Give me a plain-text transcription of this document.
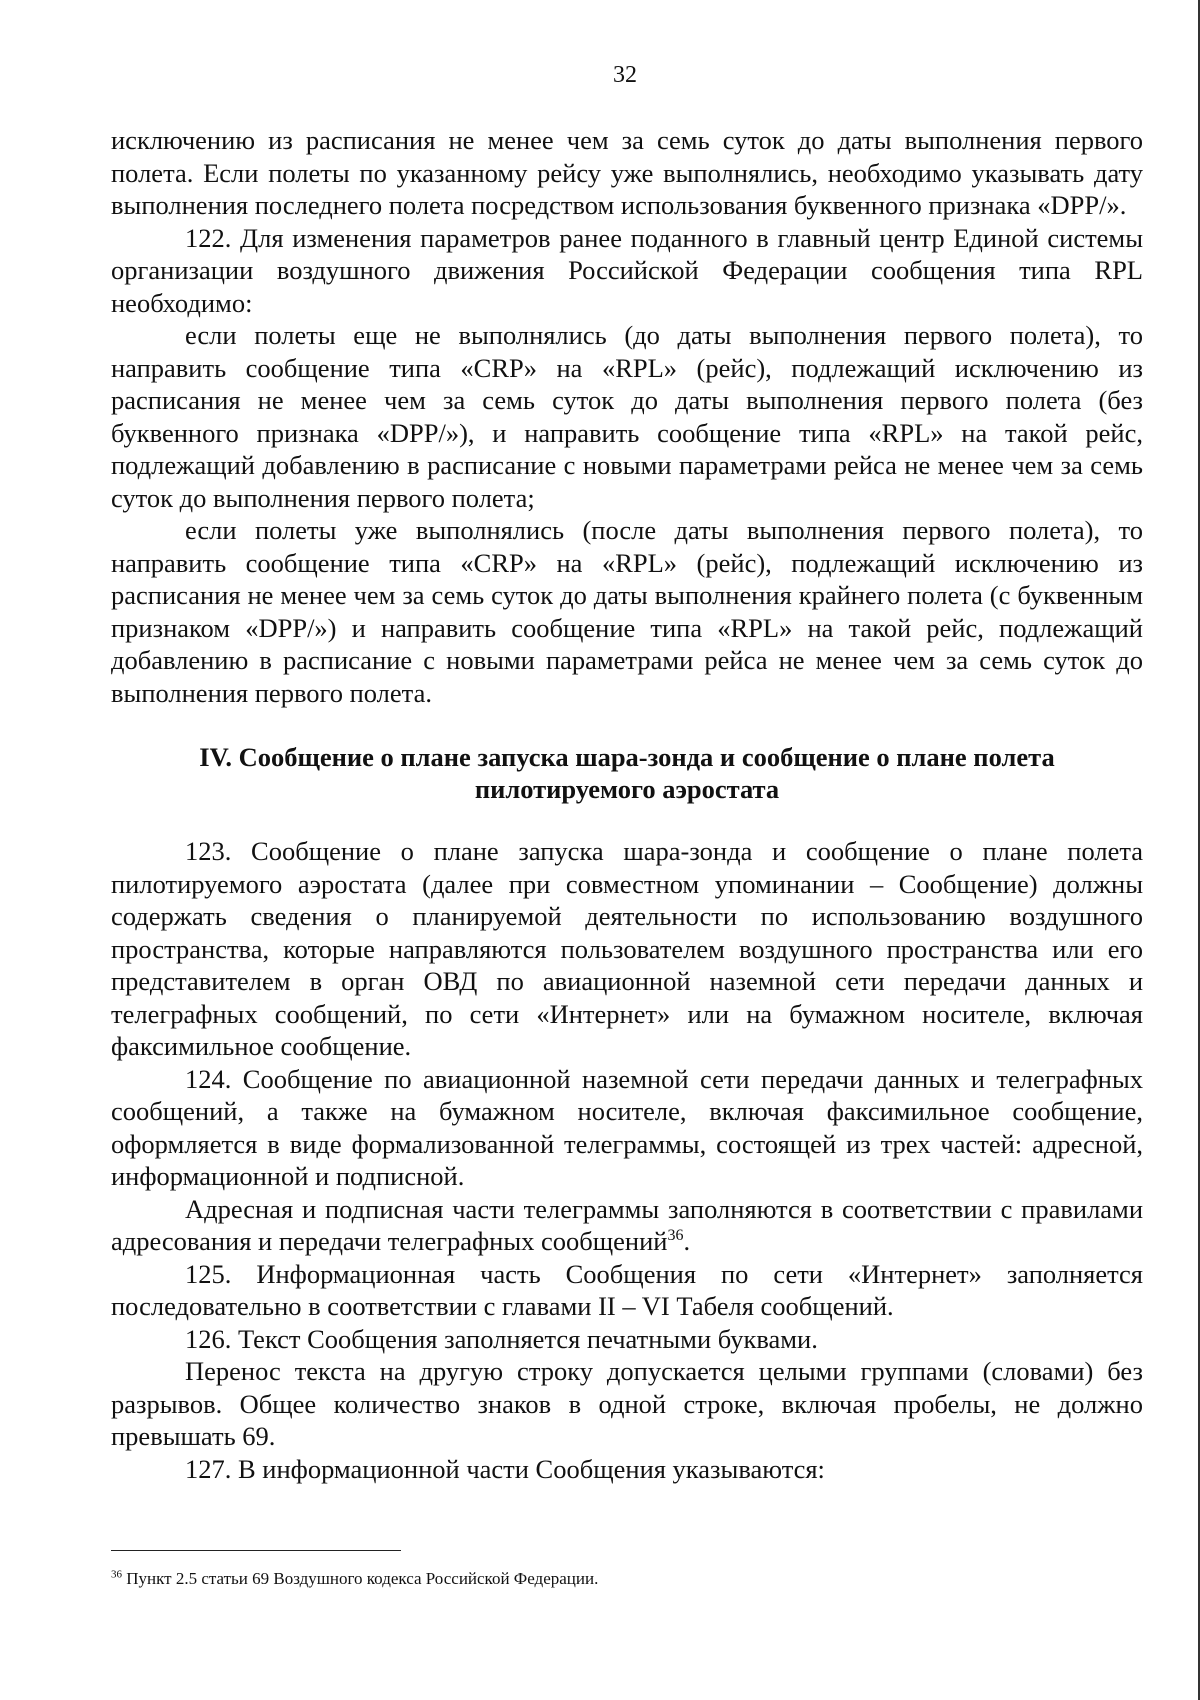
32

исключению из расписания не менее чем за семь суток до даты выполнения первого полета. Если полеты по указанному рейсу уже выполнялись, необходимо указывать дату выполнения последнего полета посредством использования буквенного признака «DPP/».

122. Для изменения параметров ранее поданного в главный центр Единой системы организации воздушного движения Российской Федерации сообщения типа RPL необходимо:

если полеты еще не выполнялись (до даты выполнения первого полета), то направить сообщение типа «CRP» на «RPL» (рейс), подлежащий исключению из расписания не менее чем за семь суток до даты выполнения первого полета (без буквенного признака «DPP/»), и направить сообщение типа «RPL» на такой рейс, подлежащий добавлению в расписание с новыми параметрами рейса не менее чем за семь суток до выполнения первого полета;

если полеты уже выполнялись (после даты выполнения первого полета), то направить сообщение типа «CRP» на «RPL» (рейс), подлежащий исключению из расписания не менее чем за семь суток до даты выполнения крайнего полета (с буквенным признаком «DPP/») и направить сообщение типа «RPL» на такой рейс, подлежащий добавлению в расписание с новыми параметрами рейса не менее чем за семь суток до выполнения первого полета.

IV. Сообщение о плане запуска шара-зонда и сообщение о плане полета
пилотируемого аэростата

123. Сообщение о плане запуска шара-зонда и сообщение о плане полета пилотируемого аэростата (далее при совместном упоминании – Сообщение) должны содержать сведения о планируемой деятельности по использованию воздушного пространства, которые направляются пользователем воздушного пространства или его представителем в орган ОВД по авиационной наземной сети передачи данных и телеграфных сообщений, по сети «Интернет» или на бумажном носителе, включая факсимильное сообщение.

124. Сообщение по авиационной наземной сети передачи данных и телеграфных сообщений, а также на бумажном носителе, включая факсимильное сообщение, оформляется в виде формализованной телеграммы, состоящей из трех частей: адресной, информационной и подписной.

Адресная и подписная части телеграммы заполняются в соответствии с правилами адресования и передачи телеграфных сообщений$^{36}$.

125. Информационная часть Сообщения по сети «Интернет» заполняется последовательно в соответствии с главами II – VI Табеля сообщений.

126. Текст Сообщения заполняется печатными буквами.

Перенос текста на другую строку допускается целыми группами (словами) без разрывов. Общее количество знаков в одной строке, включая пробелы, не должно превышать 69.

127. В информационной части Сообщения указываются:

$^{36}$ Пункт 2.5 статьи 69 Воздушного кодекса Российской Федерации.
